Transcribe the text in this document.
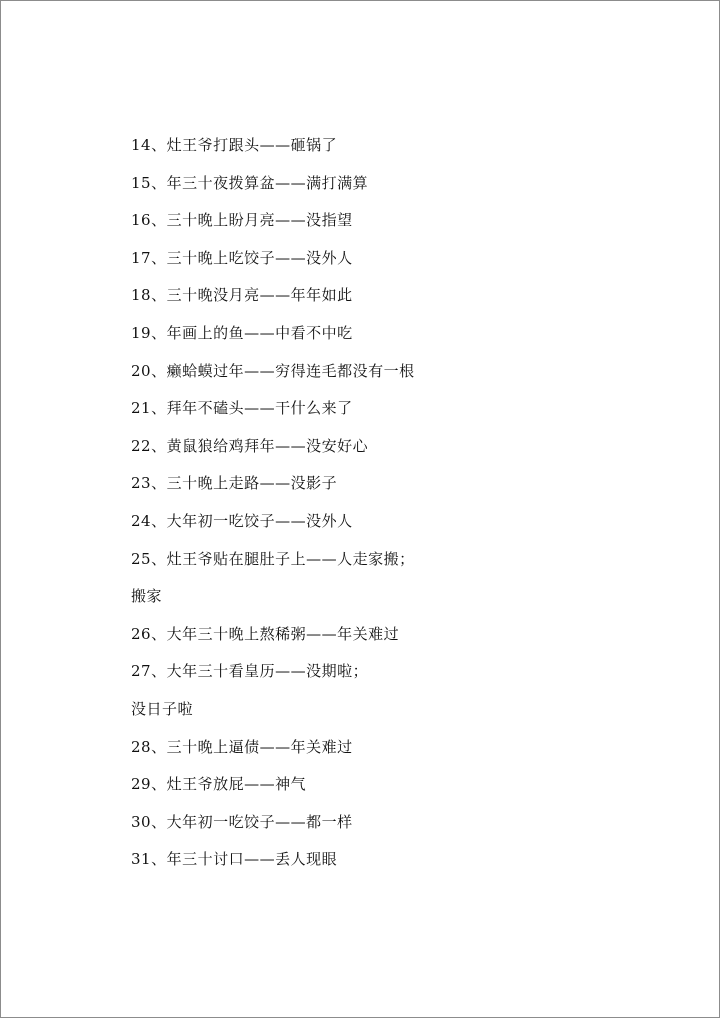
14、灶王爷打跟头——砸锅了
15、年三十夜拨算盆——满打满算
16、三十晚上盼月亮——没指望
17、三十晚上吃饺子——没外人
18、三十晚没月亮——年年如此
19、年画上的鱼——中看不中吃
20、癞蛤蟆过年——穷得连毛都没有一根
21、拜年不磕头——干什么来了
22、黄鼠狼给鸡拜年——没安好心
23、三十晚上走路——没影子
24、大年初一吃饺子——没外人
25、灶王爷贴在腿肚子上——人走家搬；
搬家
26、大年三十晚上熬稀粥——年关难过
27、大年三十看皇历——没期啦；
没日子啦
28、三十晚上逼债——年关难过
29、灶王爷放屁——神气
30、大年初一吃饺子——都一样
31、年三十讨口——丢人现眼
